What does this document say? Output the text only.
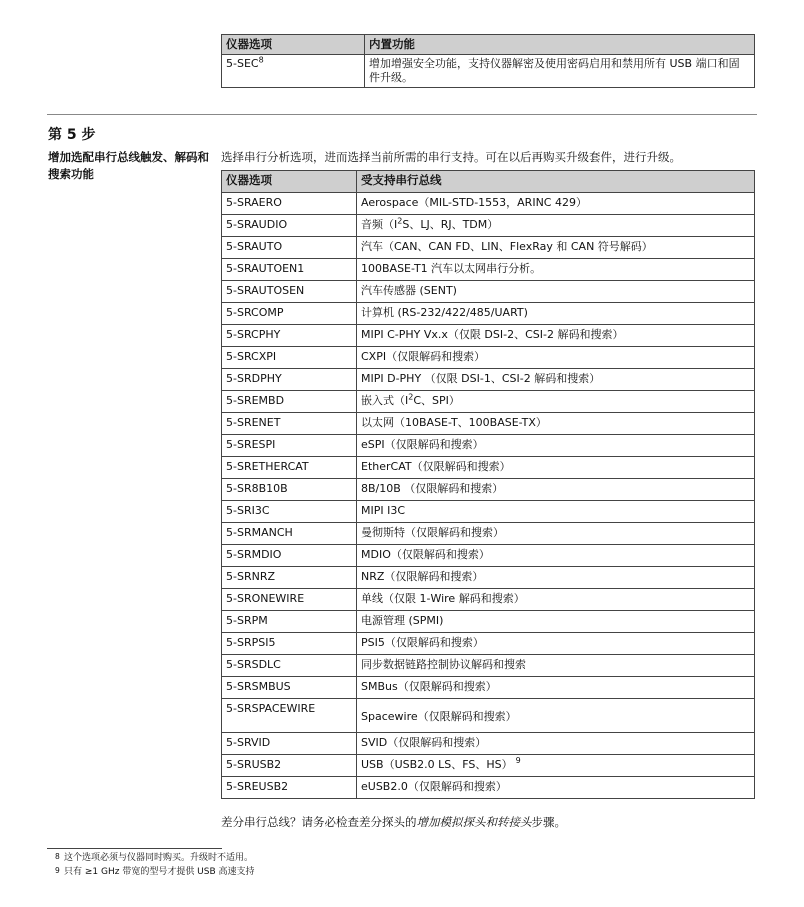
仪器选项	内置功能
5-SEC$^8$	增加增强安全功能，支持仪器解密及使用密码启用和禁用所有 USB 端口和固件升级。
第 5 步
增加选配串行总线触发、解码和搜索功能
选择串行分析选项，进而选择当前所需的串行支持。可在以后再购买升级套件，进行升级。
仪器选项	受支持串行总线
5-SRAERO	Aerospace（MIL-STD-1553，ARINC 429）
5-SRAUDIO	音频（$I^2S$、LJ、RJ、TDM）
5-SRAUTO	汽车（CAN、CAN FD、LIN、FlexRay 和 CAN 符号解码）
5-SRAUTOEN1	100BASE-T1 汽车以太网串行分析。
5-SRAUTOSEN	汽车传感器 (SENT)
5-SRCOMP	计算机 (RS-232/422/485/UART)
5-SRCPHY	MIPI C-PHY Vx.x（仅限 DSI-2、CSI-2 解码和搜索）
5-SRCXPI	CXPI（仅限解码和搜索）
5-SRDPHY	MIPI D-PHY （仅限 DSI-1、CSI-2 解码和搜索）
5-SREMBD	嵌入式（$I^2C$、SPI）
5-SRENET	以太网（10BASE-T、100BASE-TX）
5-SRESPI	eSPI（仅限解码和搜索）
5-SRETHERCAT	EtherCAT（仅限解码和搜索）
5-SR8B10B	8B/10B （仅限解码和搜索）
5-SRI3C	MIPI I3C
5-SRMANCH	曼彻斯特（仅限解码和搜索）
5-SRMDIO	MDIO（仅限解码和搜索）
5-SRNRZ	NRZ（仅限解码和搜索）
5-SRONEWIRE	单线（仅限 1-Wire 解码和搜索）
5-SRPM	电源管理 (SPMI)
5-SRPSI5	PSI5（仅限解码和搜索）
5-SRSDLC	同步数据链路控制协议解码和搜索
5-SRSMBUS	SMBus（仅限解码和搜索）
5-SRSPACEWIRE	Spacewire（仅限解码和搜索）
5-SRVID	SVID（仅限解码和搜索）
5-SRUSB2	USB（USB2.0 LS、FS、HS） $^9$
5-SREUSB2	eUSB2.0（仅限解码和搜索）
差分串行总线？请务必检查差分探头的增加模拟探头和转接头步骤。
8 这个选项必须与仪器同时购买。升级时不适用。
9 只有 ≥1 GHz 带宽的型号才提供 USB 高速支持
